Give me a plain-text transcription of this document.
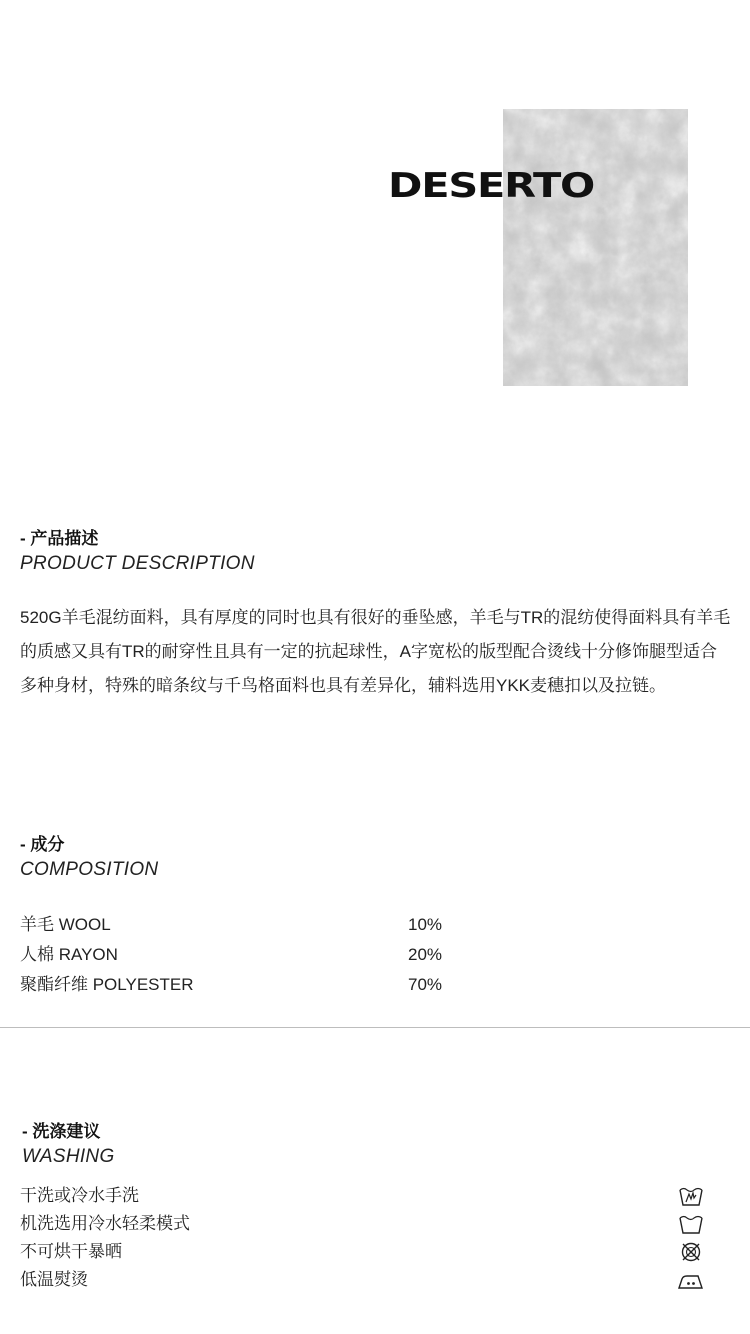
DESERTO
- 产品描述
PRODUCT DESCRIPTION
520G羊毛混纺面料，具有厚度的同时也具有很好的垂坠感，羊毛与TR的混纺使得面料具有羊毛的质感又具有TR的耐穿性且具有一定的抗起球性，A字宽松的版型配合烫线十分修饰腿型适合多种身材，特殊的暗条纹与千鸟格面料也具有差异化，辅料选用YKK麦穗扣以及拉链。
- 成分
COMPOSITION
羊毛 WOOL	10%
人棉 RAYON	20%
聚酯纤维 POLYESTER	70%
- 洗涤建议
WASHING
干洗或冷水手洗
机洗选用冷水轻柔模式
不可烘干暴晒
低温熨烫
